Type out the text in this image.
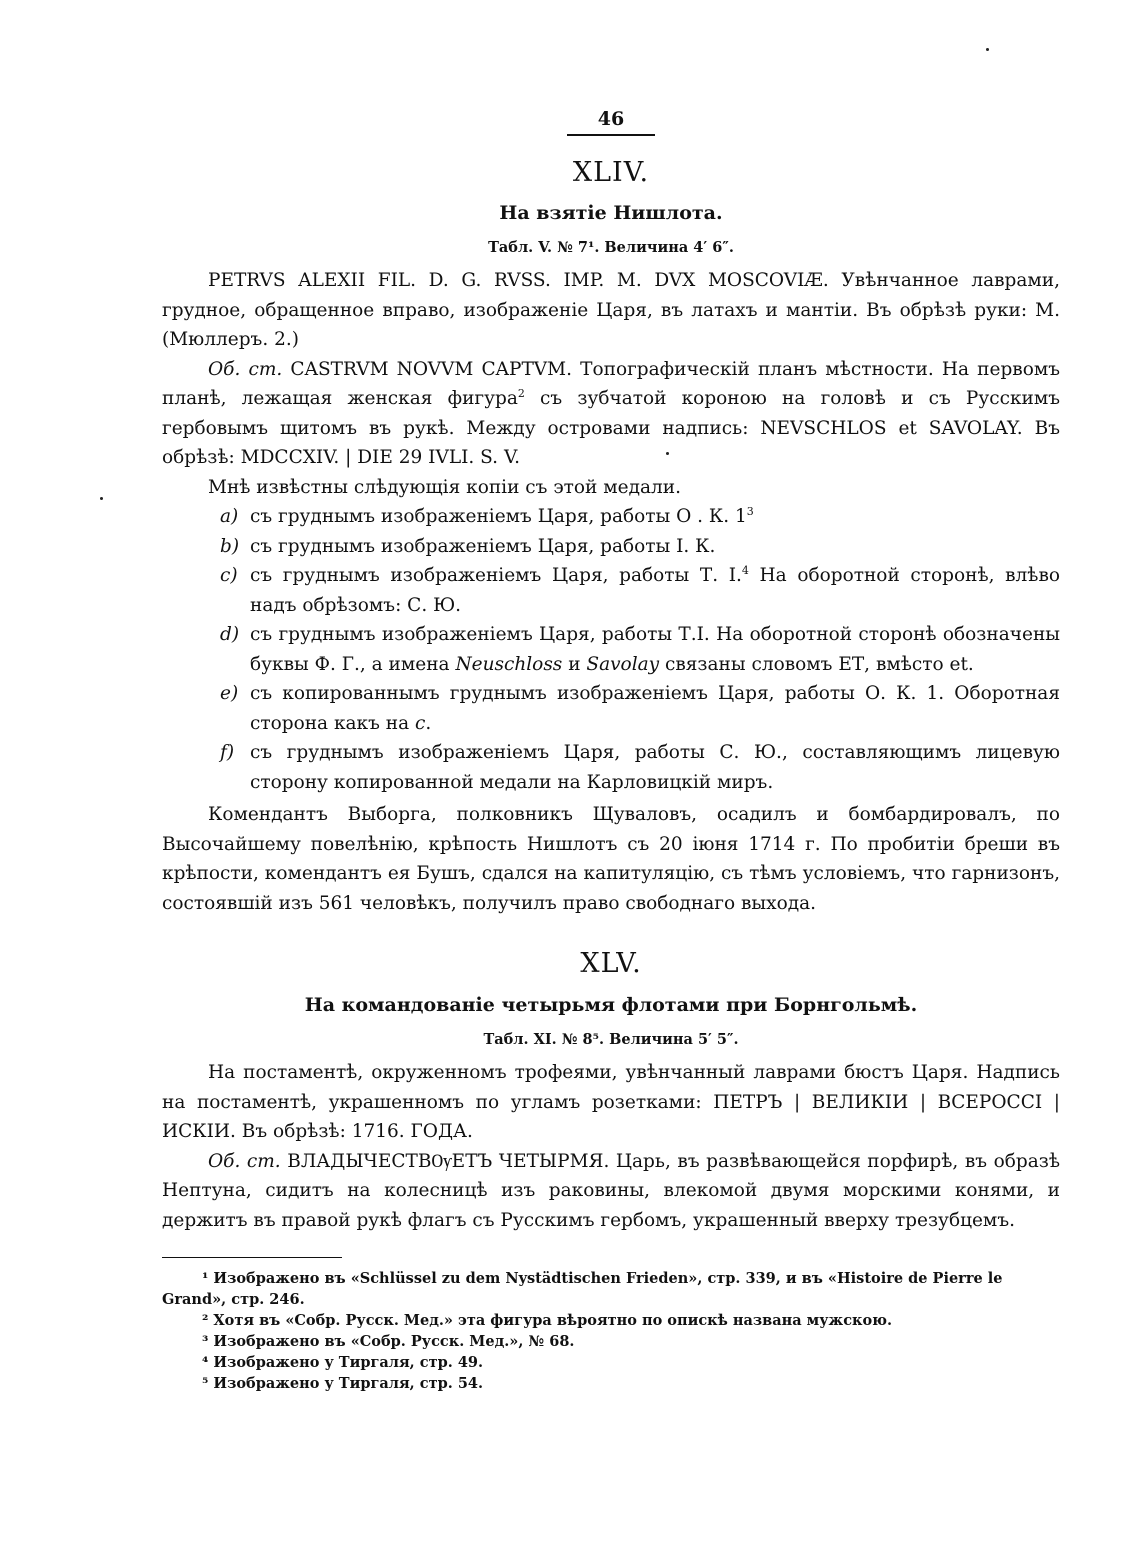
46
XLIV.
На взятіе Нишлота.
Табл. V. № 7¹. Величина 4′ 6″.

PETRVS ALEXII FIL. D. G. RVSS. IMP. M. DVX MOSCOVIÆ. Увѣнчанное лаврами, грудное, обращенное вправо, изображеніе Царя, въ латахъ и мантіи. Въ обрѣзѣ руки: M. (Мюллеръ. 2.)

Об. ст. CASTRVM NOVVM CAPTVM. Топографическій планъ мѣстности. На первомъ планѣ, лежащая женская фигура$^2$ съ зубчатой короною на головѣ и съ Русскимъ гербовымъ щитомъ въ рукѣ. Между островами надпись: NEVSCHLOS et SAVOLAY. Въ обрѣзѣ: MDCCXIV. | DIE 29 IVLI. S. V.

Мнѣ извѣстны слѣдующія копіи съ этой медали.

a) съ груднымъ изображеніемъ Царя, работы О . К. $1^3$
b) съ груднымъ изображеніемъ Царя, работы І. К.
c) съ груднымъ изображеніемъ Царя, работы Т. І.$^4$ На оборотной сторонѣ, влѣво надъ обрѣзомъ: С. Ю.
d) съ груднымъ изображеніемъ Царя, работы Т.І. На оборотной сторонѣ обозначены буквы Ф. Г., а имена Neuschloss и Savolay связаны словомъ ЕТ, вмѣсто et.
e) съ копированнымъ груднымъ изображеніемъ Царя, работы О. К. 1. Оборотная сторона какъ на c.
f) съ груднымъ изображеніемъ Царя, работы С. Ю., составляющимъ лицевую сторону копированной медали на Карловицкій миръ.

Комендантъ Выборга, полковникъ Щуваловъ, осадилъ и бомбардировалъ, по Высочайшему повелѣнію, крѣпость Нишлотъ съ 20 іюня 1714 г. По пробитіи бреши въ крѣпости, комендантъ ея Бушъ, сдался на капитуляцію, съ тѣмъ условіемъ, что гарнизонъ, состоявшій изъ 561 человѣкъ, получилъ право свободнаго выхода.

XLV.
На командованіе четырьмя флотами при Борнгольмѣ.
Табл. XI. № 8⁵. Величина 5′ 5″.

На постаментѣ, окруженномъ трофеями, увѣнчанный лаврами бюстъ Царя. Надпись на постаментѣ, украшенномъ по угламъ розетками: ПЕТРЪ | ВЕЛИКІИ | ВСЕРОССІ | ИСКІИ. Въ обрѣзѣ: 1716. ГОДА.

Об. ст. ВЛАДЫЧЕСТВѸЕТЪ ЧЕТЫРМЯ. Царь, въ развѣвающейся порфирѣ, въ образѣ Нептуна, сидитъ на колесницѣ изъ раковины, влекомой двумя морскими конями, и держитъ въ правой рукѣ флагъ съ Русскимъ гербомъ, украшенный вверху трезубцемъ.

¹ Изображено въ «Schlüssel zu dem Nystädtischen Frieden», стр. 339, и въ «Histoire de Pierre le Grand», стр. 246.

² Хотя въ «Собр. Русск. Мед.» эта фигура вѣроятно по опискѣ названа мужскою.

³ Изображено въ «Собр. Русск. Мед.», № 68.

⁴ Изображено у Тиргаля, стр. 49.

⁵ Изображено у Тиргаля, стр. 54.
